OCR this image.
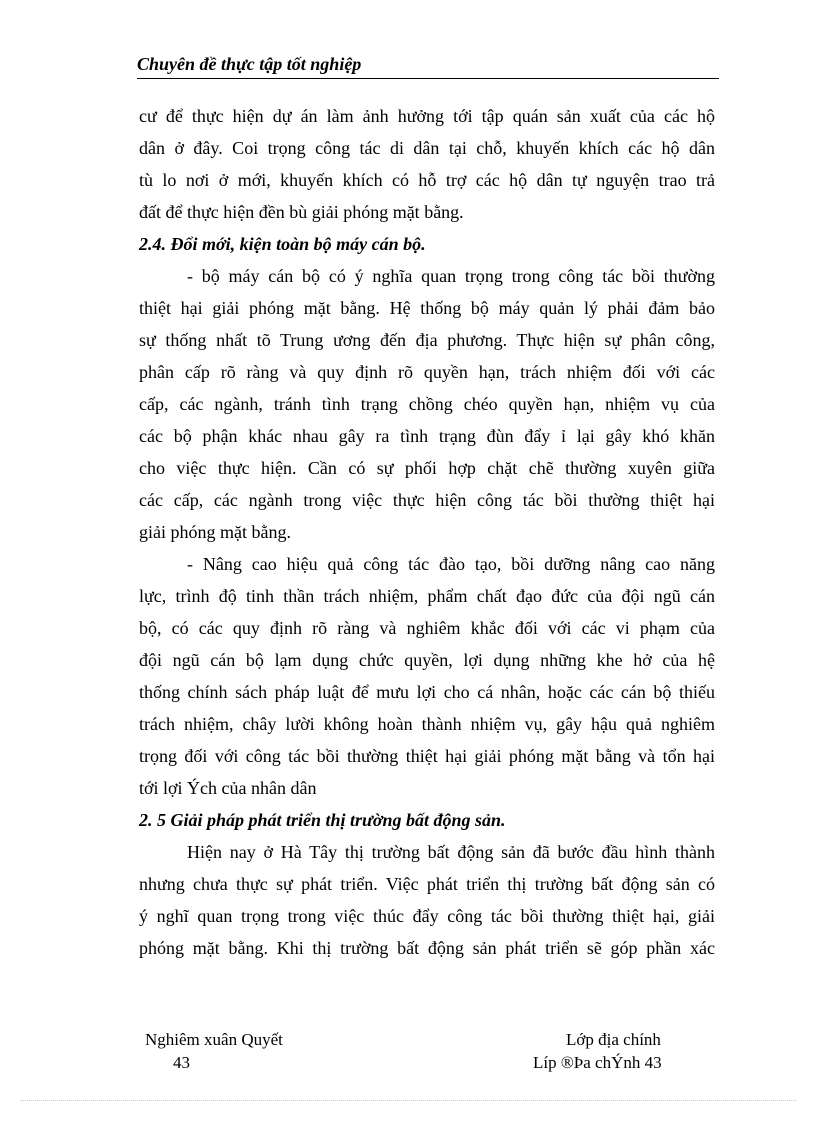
Chuyên đề thực tập tốt nghiệp
cư để thực hiện dự án làm ảnh hưởng tới tập quán sản xuất của các hộ
dân ở đây. Coi trọng công tác di dân tại chỗ, khuyến khích các hộ dân
tù lo nơi ở mới, khuyến khích có hỗ trợ các hộ dân tự nguyện trao trả
đất để thực hiện đền bù giải phóng mặt bằng.
2.4. Đổi mới, kiện toàn bộ máy cán bộ.
- bộ máy cán bộ có ý nghĩa quan trọng trong công tác bồi thường
thiệt hại giải phóng mặt bằng. Hệ thống bộ máy quản lý phải đảm bảo
sự thống nhất tõ Trung ương đến địa phương. Thực hiện sự phân công,
phân cấp rõ ràng và quy định rõ quyền hạn, trách nhiệm đối với các
cấp, các ngành, tránh tình trạng chồng chéo quyền hạn, nhiệm vụ của
các bộ phận khác nhau gây ra tình trạng đùn đẩy ỉ lại gây khó khăn
cho việc thực hiện. Cần có sự phối hợp chặt chẽ thường xuyên giữa
các cấp, các ngành trong việc thực hiện công tác bồi thường thiệt hại
giải phóng mặt bằng.
- Nâng cao hiệu quả công tác đào tạo, bồi dưỡng nâng cao năng
lực, trình độ tinh thần trách nhiệm, phẩm chất đạo đức của đội ngũ cán
bộ, có các quy định rõ ràng và nghiêm khắc đối với các vi phạm của
đội ngũ cán bộ lạm dụng chức quyền, lợi dụng những khe hở của hệ
thống chính sách pháp luật để mưu lợi cho cá nhân, hoặc các cán bộ thiếu
trách nhiệm, chây lười không hoàn thành nhiệm vụ, gây hậu quả nghiêm
trọng đối với công tác bồi thường thiệt hại giải phóng mặt bằng và tổn hại
tới lợi Ých của nhân dân
2. 5 Giải pháp phát triển thị trường bất động sản.
Hiện nay ở Hà Tây thị trường bất động sản đã bước đầu hình thành
nhưng chưa thực sự phát triển. Việc phát triển thị trường bất động sản có
ý nghĩ quan trọng trong việc thúc đẩy công tác bồi thường thiệt hại, giải
phóng mặt bằng. Khi thị trường bất động sản phát triển sẽ góp phần xác
Nghiêm xuân Quyết
43
Lớp địa chính
Líp ®Þa chÝnh 43
